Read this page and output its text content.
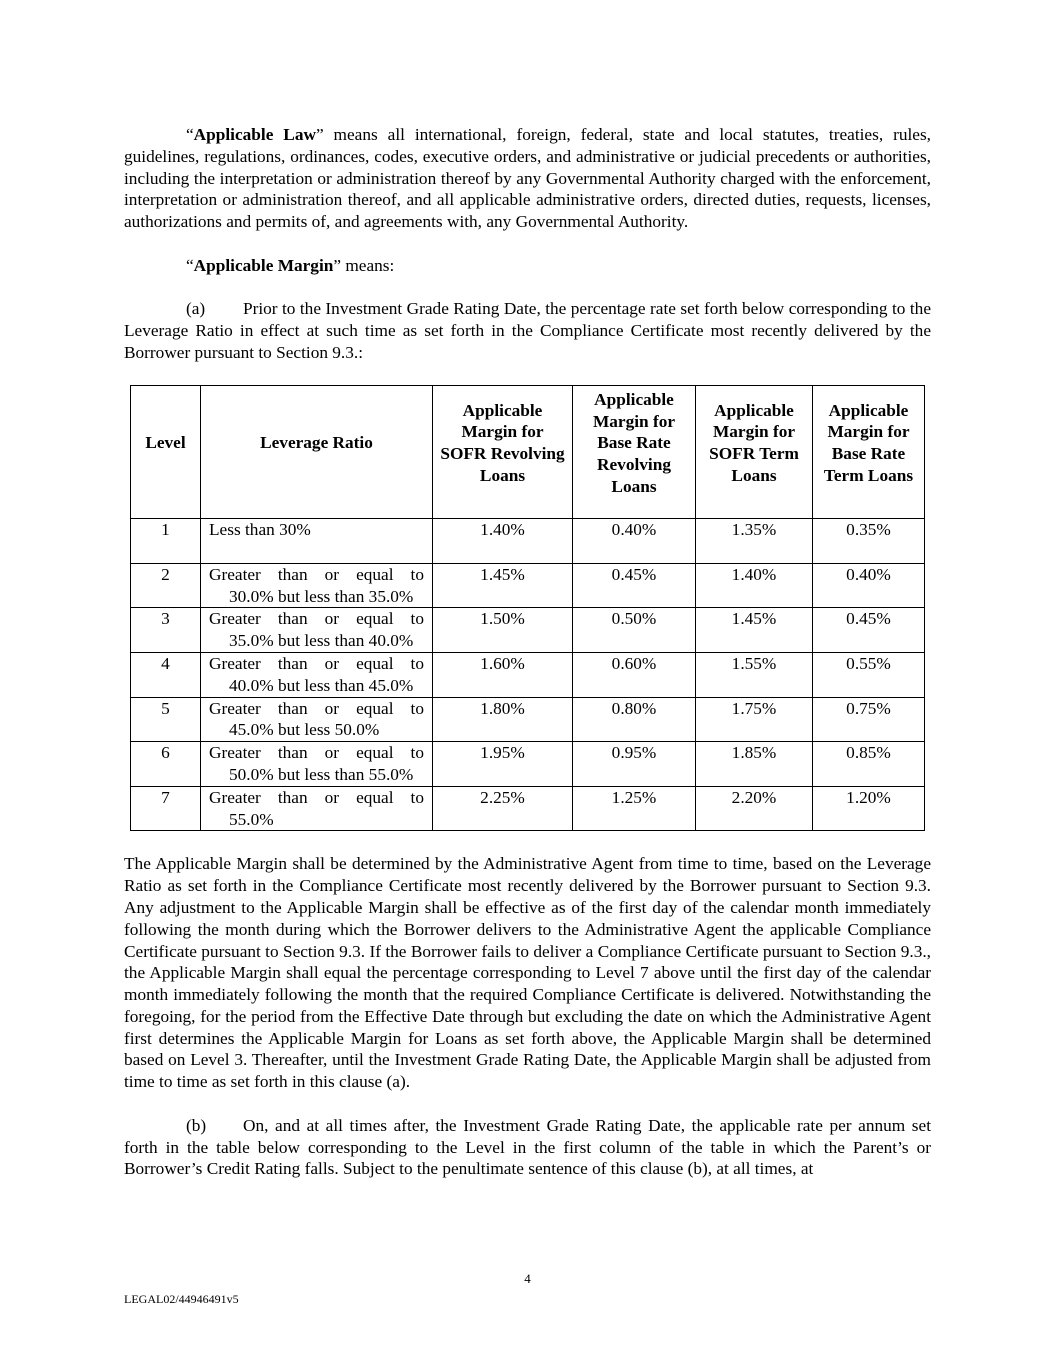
“Applicable Law” means all international, foreign, federal, state and local statutes, treaties, rules, guidelines, regulations, ordinances, codes, executive orders, and administrative or judicial precedents or authorities, including the interpretation or administration thereof by any Governmental Authority charged with the enforcement, interpretation or administration thereof, and all applicable administrative orders, directed duties, requests, licenses, authorizations and permits of, and agreements with, any Governmental Authority.

“Applicable Margin” means:

(a) Prior to the Investment Grade Rating Date, the percentage rate set forth below corresponding to the Leverage Ratio in effect at such time as set forth in the Compliance Certificate most recently delivered by the Borrower pursuant to Section 9.3.:

Level	Leverage Ratio	Applicable Margin for SOFR Revolving Loans	Applicable Margin for Base Rate Revolving Loans	Applicable Margin for SOFR Term Loans	Applicable Margin for Base Rate Term Loans
1	Less than 30%	1.40%	0.40%	1.35%	0.35%
2	Greater than or equal to
30.0% but less than 35.0%	1.45%	0.45%	1.40%	0.40%
3	Greater than or equal to
35.0% but less than 40.0%	1.50%	0.50%	1.45%	0.45%
4	Greater than or equal to
40.0% but less than 45.0%	1.60%	0.60%	1.55%	0.55%
5	Greater than or equal to
45.0% but less 50.0%	1.80%	0.80%	1.75%	0.75%
6	Greater than or equal to
50.0% but less than 55.0%	1.95%	0.95%	1.85%	0.85%
7	Greater than or equal to
55.0%	2.25%	1.25%	2.20%	1.20%

The Applicable Margin shall be determined by the Administrative Agent from time to time, based on the Leverage Ratio as set forth in the Compliance Certificate most recently delivered by the Borrower pursuant to Section 9.3. Any adjustment to the Applicable Margin shall be effective as of the first day of the calendar month immediately following the month during which the Borrower delivers to the Administrative Agent the applicable Compliance Certificate pursuant to Section 9.3. If the Borrower fails to deliver a Compliance Certificate pursuant to Section 9.3., the Applicable Margin shall equal the percentage corresponding to Level 7 above until the first day of the calendar month immediately following the month that the required Compliance Certificate is delivered. Notwithstanding the foregoing, for the period from the Effective Date through but excluding the date on which the Administrative Agent first determines the Applicable Margin for Loans as set forth above, the Applicable Margin shall be determined based on Level 3. Thereafter, until the Investment Grade Rating Date, the Applicable Margin shall be adjusted from time to time as set forth in this clause (a).

(b) On, and at all times after, the Investment Grade Rating Date, the applicable rate per annum set forth in the table below corresponding to the Level in the first column of the table in which the Parent’s or Borrower’s Credit Rating falls. Subject to the penultimate sentence of this clause (b), at all times, at

4
LEGAL02/44946491v5
